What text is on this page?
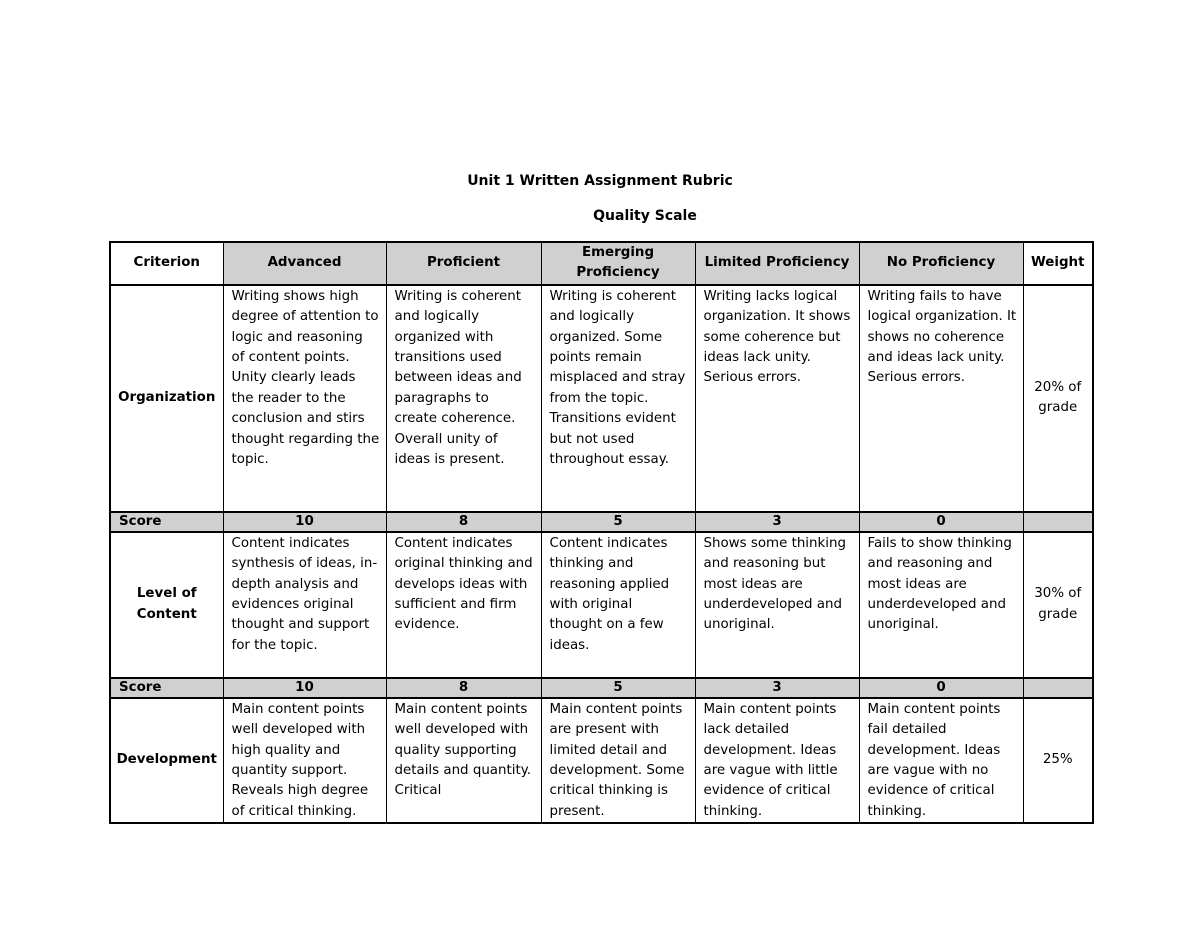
Unit 1 Written Assignment Rubric
Quality Scale
Criterion	Advanced	Proficient	Emerging Proficiency	Limited Proficiency	No Proficiency	Weight
Organization	Writing shows high degree of attention to logic and reasoning of content points. Unity clearly leads the reader to the conclusion and stirs thought regarding the topic.	Writing is coherent and logically organized with transitions used between ideas and paragraphs to create coherence. Overall unity of ideas is present.	Writing is coherent and logically organized. Some points remain misplaced and stray from the topic. Transitions evident but not used throughout essay.	Writing lacks logical organization. It shows some coherence but ideas lack unity. Serious errors.	Writing fails to have logical organization. It shows no coherence and ideas lack unity. Serious errors.	20% of grade
Score	10	8	5	3	0	
Level of Content	Content indicates synthesis of ideas, in-depth analysis and evidences original thought and support for the topic.	Content indicates original thinking and develops ideas with sufficient and firm evidence.	Content indicates thinking and reasoning applied with original thought on a few ideas.	Shows some thinking and reasoning but most ideas are underdeveloped and unoriginal.	Fails to show thinking and reasoning and most ideas are underdeveloped and unoriginal.	30% of grade
Score	10	8	5	3	0	
Development	Main content points well developed with high quality and quantity support. Reveals high degree of critical thinking.	Main content points well developed with quality supporting details and quantity. Critical	Main content points are present with limited detail and development. Some critical thinking is present.	Main content points lack detailed development. Ideas are vague with little evidence of critical thinking.	Main content points fail detailed development. Ideas are vague with no evidence of critical thinking.	25%
